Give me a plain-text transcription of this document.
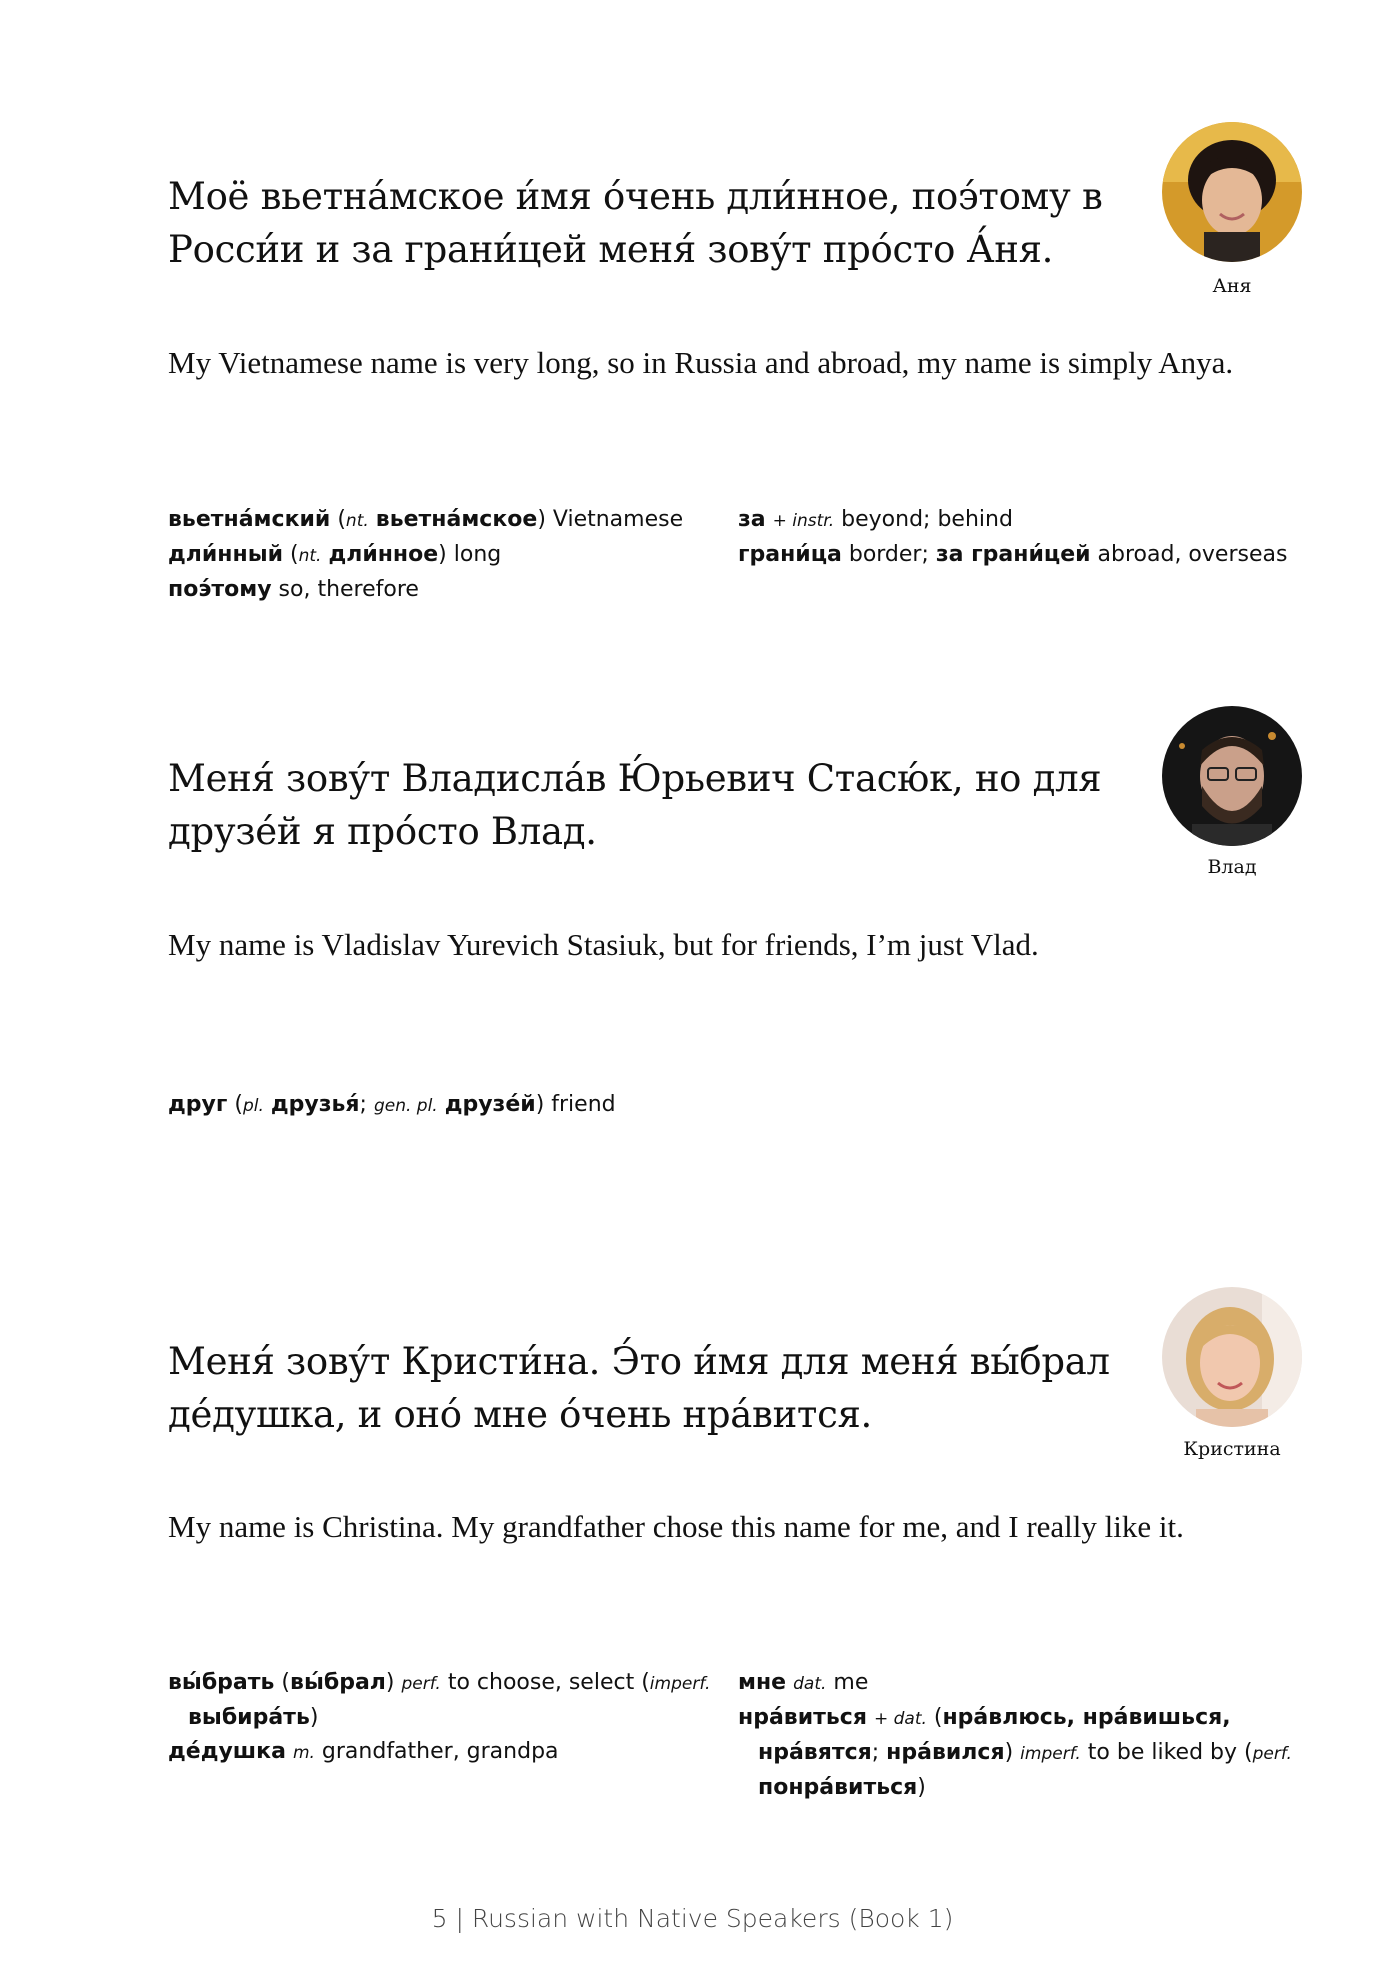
Моё вьетна́мское и́мя о́чень дли́нное, поэ́тому в Росси́и и за грани́цей меня́ зову́т про́сто А́ня.
Аня
My Vietnamese name is very long, so in Russia and abroad, my name is simply Anya.

вьетна́мский (nt. вьетна́мское) Vietnamese

дли́нный (nt. дли́нное) long

поэ́тому so, therefore

за + instr. beyond; behind

грани́ца border; за грани́цей abroad, overseas

Меня́ зову́т Владисла́в Ю́рьевич Стасю́к, но для друзе́й я про́сто Влад.
Влад
My name is Vladislav Yurevich Stasiuk, but for friends, I’m just Vlad.

друг (pl. друзья́; gen. pl. друзе́й) friend

Меня́ зову́т Кристи́на. Э́то и́мя для меня́ вы́брал де́душка, и оно́ мне о́чень нра́вится.
Кристина
My name is Christina. My grandfather chose this name for me, and I really like it.

вы́брать (вы́брал) perf. to choose, select (imperf. выбира́ть)

де́душка m. grandfather, grandpa

мне dat. me

нра́виться + dat. (нра́влюсь, нра́вишься, нра́вятся; нра́вился) imperf. to be liked by (perf. понра́виться)

5 | Russian with Native Speakers (Book 1)
